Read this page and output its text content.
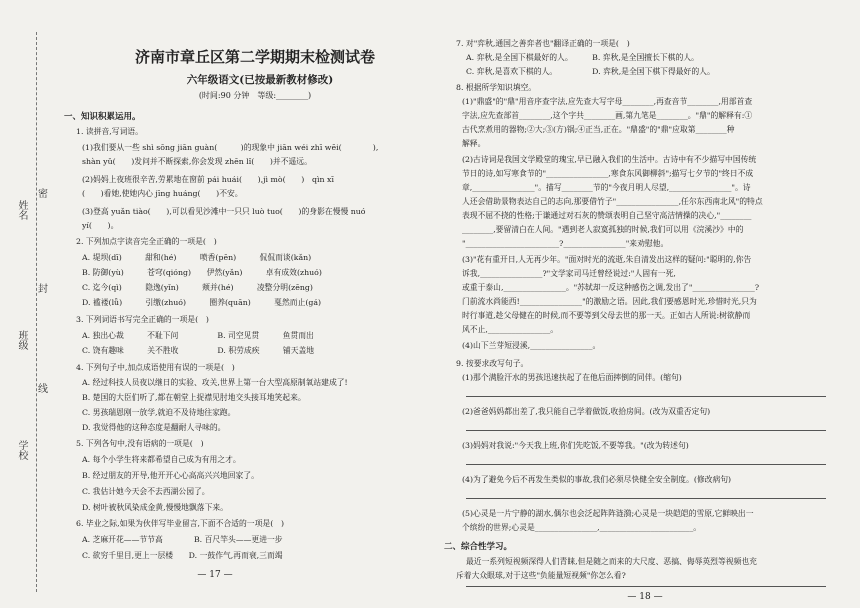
姓名
班级
学校
密
封
线
济南市章丘区第二学期期末检测试卷
六年级语文(已按最新教材修改)
(时间:90 分钟　等级:________)
一、知识积累运用。
1. 读拼音,写词语。
(1)我们要从一些 shì sōng jiān guàn(　　　)的现象中 jiān wéi zhī wēi(　　　　),
shàn yǔ(　　)发问并不断探索,你会发现 zhēn lǐ(　　)并不遥远。
(2)妈妈上夜班很辛苦,劳累地在窗前 pái huái(　　),jì mò(　　)　qìn xī
(　　)看她,使她内心 jīng huáng(　　)不安。
(3)登高 yuǎn tiào(　　),可以看见沙滩中一只只 luò tuo(　　)的身影在慢慢 nuó
yí(　　)。
2. 下列加点字读音完全正确的一项是(　)
A. 堤坝(dī)　　　甜和(hé)　　　喷香(pēn)　　　侃侃而谈(kǎn)
B. 防御(yù)　　　苍穹(qióng)　　伊然(yǎn)　　　卓有成效(zhuó)
C. 迄今(qì)　　　隐逸(yǐn)　　　颊并(hé)　　　凌整分明(zēng)
D. 褴褛(lǚ)　　　引缴(zhuó)　　　圈养(quān)　　　戛然而止(gá)
3. 下列词语书写完全正确的一项是(　)
A. 独出心裁　　　不耻下问　　　　　B. 司空见贯　　　鱼贯而出
C. 饶有趣味　　　关不胜收　　　　　D. 积劳成疾　　　铺天盖地
4. 下列句子中,加点成语使用有误的一项是(　)
A. 经过科技人员夜以继日的实验、攻关,世界上第一台大型高原制氧站建成了!
B. 楚国的大臣们听了,都在朝堂上捉襟见肘地交头接耳地笑起来。
C. 男孩瑞恩刚一放学,就迫不及待地往家跑。
D. 我觉得他的这种态度是翻耐人寻味的。
5. 下列各句中,没有语病的一项是(　)
A. 每个小学生将来都希望自己成为有用之才。
B. 经过朋友的开导,他开开心心高高兴兴地回家了。
C. 我估计她今天会不去西湖公园了。
D. 树叶被秋风染成金黄,慢慢地飘落下来。
6. 毕业之际,如果为伙伴写毕业留言,下面不合适的一项是(　)
A. 芝麻开花——节节高　　　　B. 百尺竿头——更进一步
C. 欲穷千里目,更上一层楼　　D. 一鼓作气,再而衰,三而竭
— 17 —
7. 对"弈秋,通国之善弈者也"翻译正确的一项是(　)
A. 弈秋,是全国下棋最好的人。　　　B. 弈秋,是全国擅长下棋的人。
C. 弈秋,是喜欢下棋的人。　　　　　D. 弈秋,是全国下棋下得最好的人。
8. 根据所学知识填空。
(1)"鼎盛"的"鼎"用音序查字法,应先查大写字母________,再查音节________,用部首查
字法,应先查部首________,这个字共________画,第九笔是________。"鼎"的解释有:①
古代烹煮用的器物;②大;③(方)锅;④正当,正在。"鼎盛"的"鼎"应取第________种
解释。
(2)古诗词是我国文学殿堂的瑰宝,早已融入我们的生活中。古诗中有不少描写中国传统
节日的诗,如写寒食节的"________________,寒食东风御柳斜";描写七夕节的"终日不成
章,________________"。描写________节的"今夜月明人尽望,________________"。诗
人还会借助景物表达自己的志向,那要借竹子"________________,任尔东西南北风"的特点
表现不屈不挠的性格;于谦通过对石灰的赞颂表明自己坚守高洁情操的决心,"________
________,要留清白在人间。"遇到老人寂寞孤独的时候,我们可以用《浣溪沙》中的
"________________________?________________"来劝慰他。
(3)"花有重开日,人无再少年。"面对时光的流逝,朱自清发出这样的疑问:"聪明的,你告
诉我,________________?"文学家司马迁曾经说过:"人固有一死,
或重于泰山,________________。"苏轼却一反这种感伤之调,发出了"________________?
门前流水尚能西!________________"的激励之语。因此,我们要感恩时光,珍惜时光,只为
时行事道,趁父母健在的时候,而不要等到父母去世的那一天。正如古人所说:树欲静而
风不止,________________。
(4)山下兰芽短浸溪,________________。
9. 按要求改写句子。
(1)那个满脸汗水的男孩迅速扶起了在他后面摔倒的同伴。(缩句)
(2)爸爸妈妈都出差了,我只能自己学着做饭,收拾房间。(改为双重否定句)
(3)妈妈对我说:"今天我上班,你们先吃饭,不要等我。"(改为转述句)
(4)为了避免今后不再发生类似的事故,我们必须尽快健全安全制度。(修改病句)
(5)心灵是一片宁静的湖水,偶尔也会泛起阵阵涟漪;心灵是一块皑皑的雪原,它鲜映出一
个缤纷的世界;心灵是________________,________________________。
二、综合性学习。
最近一系列短视频深得人们青睐,但是随之而来的大尺度、恶搞、侮辱英烈等视频也充
斥着大众眼球,对于这些"负能量短视频"你怎么看?
— 18 —
